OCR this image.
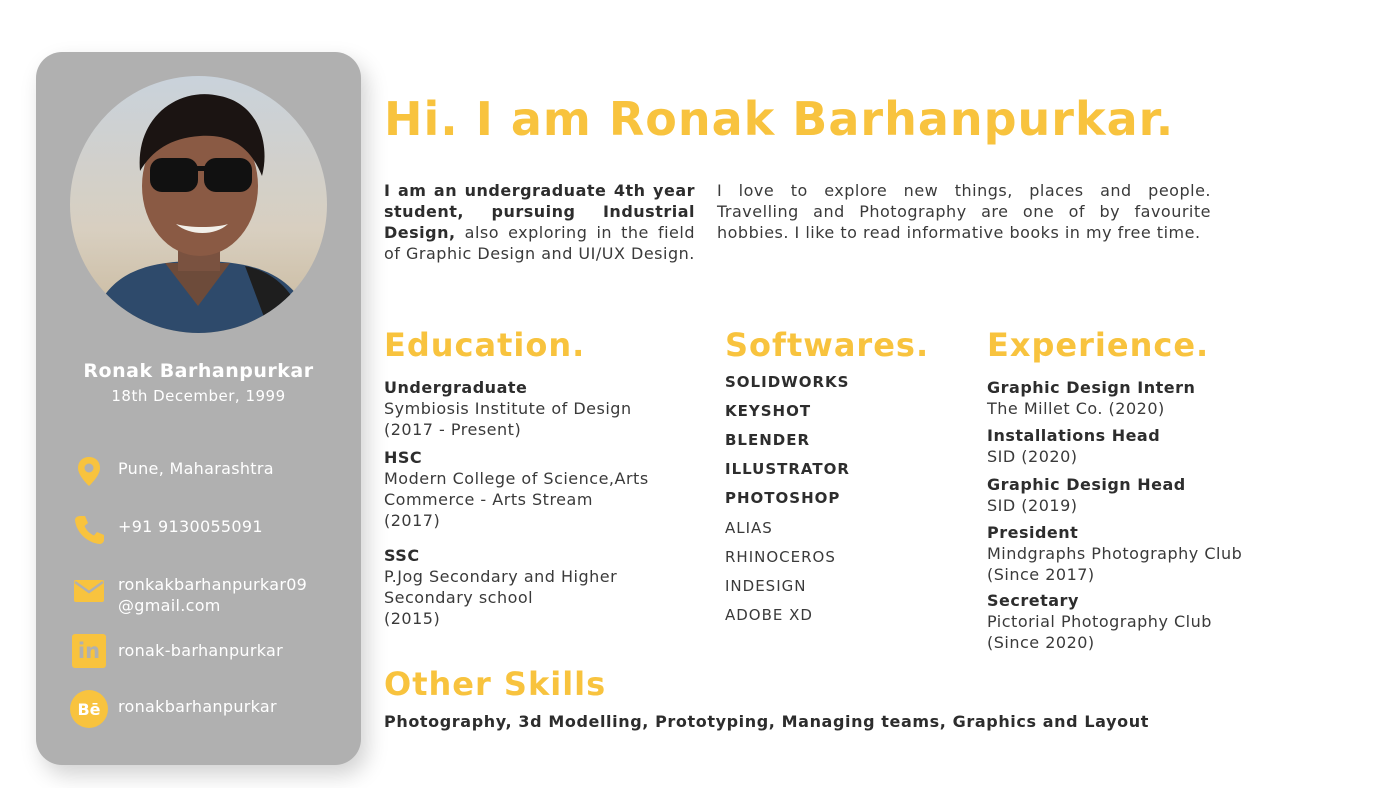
Ronak Barhanpurkar
18th December, 1999
Pune, Maharashtra
+91 9130055091
ronkakbarhanpurkar09
@gmail.com
in ronak-barhanpurkar
Bē ronakbarhanpurkar
Hi. I am Ronak Barhanpurkar.
I am an undergraduate 4th year student, pursuing Industrial Design, also exploring in the field of Graphic Design and UI/UX Design.
I love to explore new things, places and people. Travelling and Photography are one of by favourite hobbies. I like to read informative books in my free time.
Education.
Undergraduate
Symbiosis Institute of Design
(2017 - Present)
HSC
Modern College of Science,Arts
Commerce - Arts Stream
(2017)
SSC
P.Jog Secondary and Higher
Secondary school
(2015)
Softwares.
SOLIDWORKS
KEYSHOT
BLENDER
ILLUSTRATOR
PHOTOSHOP
ALIAS
RHINOCEROS
INDESIGN
ADOBE XD
Experience.
Graphic Design Intern
The Millet Co. (2020)
Installations Head
SID (2020)
Graphic Design Head
SID (2019)
President
Mindgraphs Photography Club
(Since 2017)
Secretary
Pictorial Photography Club
(Since 2020)
Other Skills
Photography, 3d Modelling, Prototyping, Managing teams, Graphics and Layout
